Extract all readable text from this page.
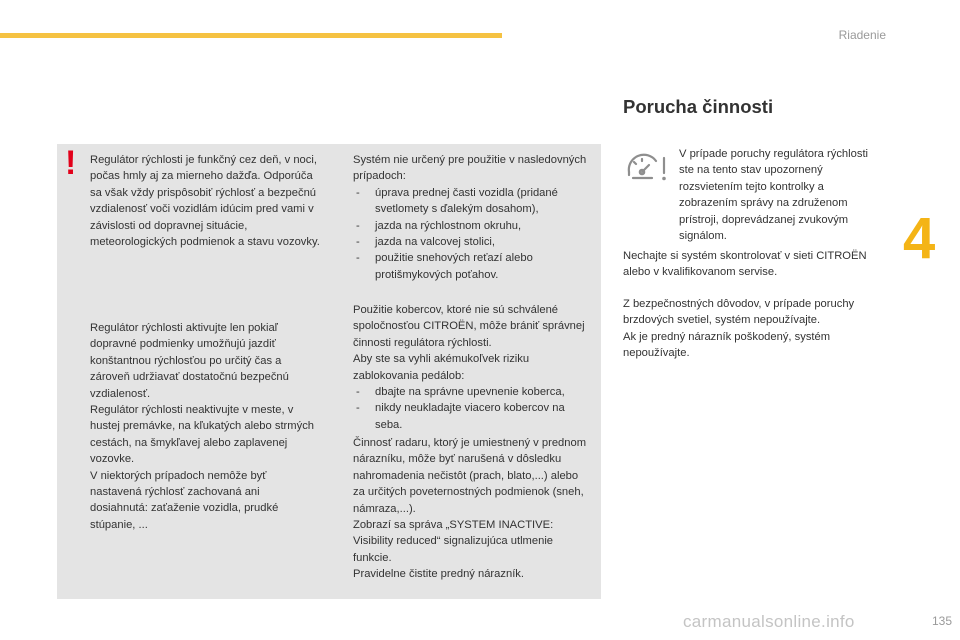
Riadenie
4
! Regulátor rýchlosti je funkčný cez deň, v noci, počas hmly aj za mierneho dažďa. Odporúča sa však vždy prispôsobiť rýchlosť a bezpečnú vzdialenosť voči vozidlám idúcim pred vami v závislosti od dopravnej situácie, meteorologických podmienok a stavu vozovky.

Regulátor rýchlosti aktivujte len pokiaľ dopravné podmienky umožňujú jazdiť konštantnou rýchlosťou po určitý čas a zároveň udržiavať dostatočnú bezpečnú vzdialenosť.

Regulátor rýchlosti neaktivujte v meste, v hustej premávke, na kľukatých alebo strmých cestách, na šmykľavej alebo zaplavenej vozovke.

V niektorých prípadoch nemôže byť nastavená rýchlosť zachovaná ani dosiahnutá: zaťaženie vozidla, prudké stúpanie, ...

Systém nie určený pre použitie v nasledovných prípadoch:

- úprava prednej časti vozidla (pridané svetlomety s ďalekým dosahom),
- jazda na rýchlostnom okruhu,
- jazda na valcovej stolici,
- použitie snehových reťazí alebo protišmykových poťahov.

Použitie kobercov, ktoré nie sú schválené spoločnosťou CITROËN, môže brániť správnej činnosti regulátora rýchlosti.

Aby ste sa vyhli akémukoľvek riziku zablokovania pedálob:

- dbajte na správne upevnenie koberca,
- nikdy neukladajte viacero kobercov na seba.

Činnosť radaru, ktorý je umiestnený v prednom nárazníku, môže byť narušená v dôsledku nahromadenia nečistôt (prach, blato,...) alebo za určitých poveternostných podmienok (sneh, námraza,...).

Zobrazí sa správa „SYSTEM INACTIVE: Visibility reduced“ signalizujúca utlmenie funkcie.

Pravidelne čistite predný nárazník.

Porucha činnosti

V prípade poruchy regulátora rýchlosti ste na tento stav upozornený rozsvietením tejto kontrolky a zobrazením správy na združenom prístroji, doprevádzanej zvukovým signálom.

Nechajte si systém skontrolovať v sieti CITROËN alebo v kvalifikovanom servise.

Z bezpečnostných dôvodov, v prípade poruchy brzdových svetiel, systém nepoužívajte.

Ak je predný nárazník poškodený, systém nepoužívajte.

carmanualsonline.info	135
